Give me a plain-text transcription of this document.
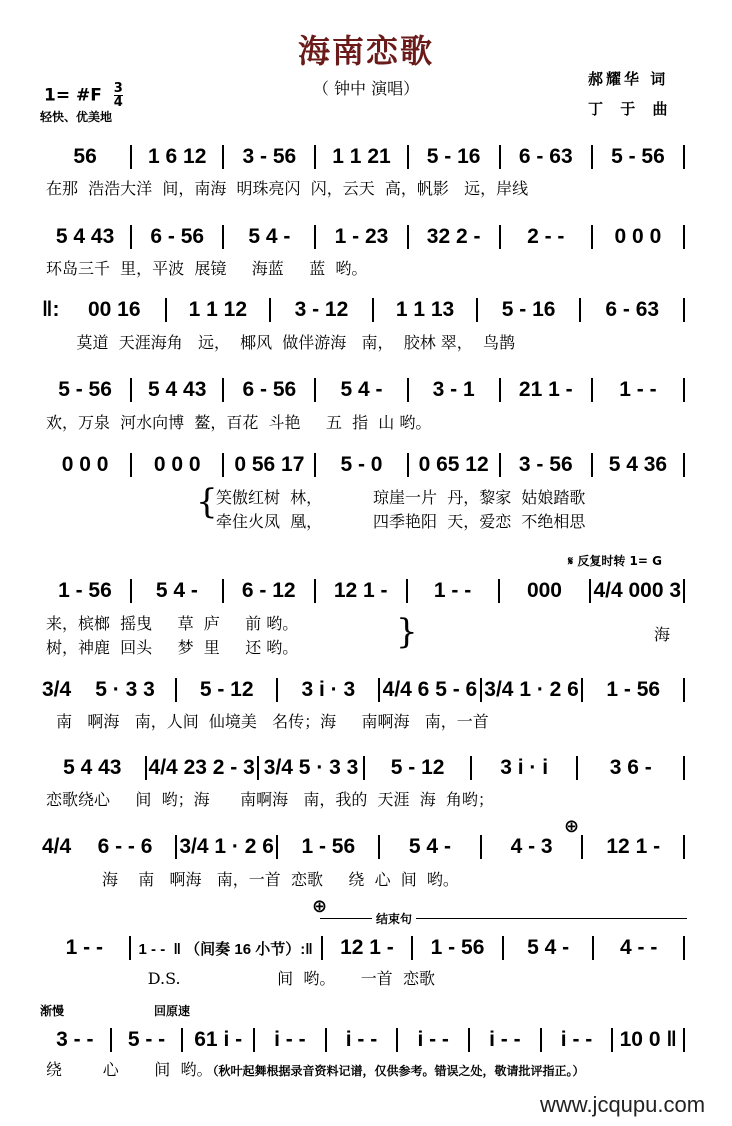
海南恋歌
（ 钟中 演唱）
1= #F $\frac{3}{4}$
轻快、优美地
郝耀华 词
丁 于 曲
56	1 6 12	3 - 56	1 1 21	5 - 16	6 - 63	5 - 56
在那  浩浩大洋  间，南海  明珠亮闪  闪，云天  高，帆影   远，岸线
5 4 43	6 - 56	5 4 -	1 - 23	32 2 -	2 - -	0 0 0
环岛三千  里，平波  展镜     海蓝     蓝  哟。
‖:	00 16	1 1 12	3 - 12	1 1 13	5 - 16	6 - 63
莫道  天涯海角   远，  椰风  做伴游海   南，  胶林 翠，  鸟鹊
5 - 56	5 4 43	6 - 56	5 4 -	3 - 1	21 1 -	1 - -
欢，万泉  河水向博  鳌，百花  斗艳     五  指  山 哟。
0 0 0	0 0 0	0 56 17	5 - 0	0 65 12	3 - 56	5 4 36
笑傲红树  林，          琼崖一片  丹，黎家  姑娘踏歌
牵住火凤  凰，          四季艳阳  天，爱恋  不绝相思
1 - 56	5 4 -	6 - 12	12 1 -	1 - -	000	4/4 000 3
来，槟榔  摇曳     草  庐     前 哟。
树，神鹿  回头     梦  里     还 哟。
海
3/4	5 · 3 3	5 - 12	3 i · 3	4/4 6 5 - 6 3/4 1 · 2 6	1 - 56
南   啊海   南，人间  仙境美   名传；海     南啊海   南，一首
5 4 43	4/4 23 2 - 3 3/4 5 · 3 3	5 - 12	3 i · i	3 6 -
恋歌绕心     间  哟；海      南啊海   南，我的  天涯  海  角哟；
4/4	6 - - 6	3/4 1 · 2 6	1 - 56	5 4 -	4 - 3	12 1 -
海    南   啊海   南，一首  恋歌     绕  心  间  哟。
1 - -	1 - -  ‖ （间奏 16 小节）:‖	12 1 -	1 - 56	5 4 -	4 - -
D.S.                   间  哟。     一首  恋歌
3 - -	5 - -	61 i -	i - -	i - -	i - -	i - -	i - -	10 0 ‖
绕        心       间  哟。（秋叶起舞根据录音资料记谱，仅供参考。错误之处，敬请批评指正。）
𝄋 反复时转 1= G
⊕
⊕
结束句
渐慢	回原速
{
}
www.jcqupu.com
